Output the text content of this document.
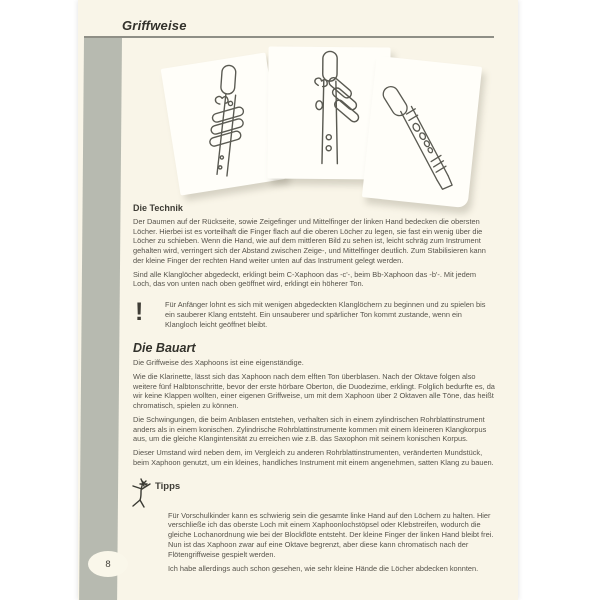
Griffweise
Die Technik

Der Daumen auf der Rückseite, sowie Zeigefinger und Mittelfinger der linken Hand bedecken die obersten Löcher. Hierbei ist es vorteilhaft die Finger flach auf die oberen Löcher zu legen, sie fast ein wenig über die Löcher zu schieben. Wenn die Hand, wie auf dem mittleren Bild zu sehen ist, leicht schräg zum Instrument gehalten wird, verringert sich der Abstand zwischen Zeige-, und Mittelfinger deutlich. Zum Stabilisieren kann der kleine Finger der rechten Hand weiter unten auf das Instrument gelegt werden.

Sind alle Klanglöcher abgedeckt, erklingt beim C-Xaphoon das -c'-, beim Bb-Xaphoon das -b'-. Mit jedem Loch, das von unten nach oben geöffnet wird, erklingt ein höherer Ton.

!	Für Anfänger lohnt es sich mit wenigen abgedeckten Klanglöchern zu beginnen und zu spielen bis ein sauberer Klang entsteht. Ein unsauberer und spärlicher Ton kommt zustande, wenn ein Klangloch leicht geöffnet bleibt.
Die Bauart

Die Griffweise des Xaphoons ist eine eigenständige.

Wie die Klarinette, lässt sich das Xaphoon nach dem elften Ton überblasen. Nach der Oktave folgen also weitere fünf Halbtonschritte, bevor der erste hörbare Oberton, die Duodezime, erklingt. Folglich bedurfte es, da wir keine Klappen wollten, einer eigenen Griffweise, um mit dem Xaphoon über 2 Oktaven alle Töne, das heißt chromatisch, spielen zu können.

Die Schwingungen, die beim Anblasen entstehen, verhalten sich in einem zylindrischen Rohrblattinstrument anders als in einem konischen. Zylindrische Rohrblattinstrumente kommen mit einem kleineren Klangkorpus aus, um die gleiche Klangintensität zu erreichen wie z.B. das Saxophon mit seinem konischen Korpus.

Dieser Umstand wird neben dem, im Vergleich zu anderen Rohrblattinstrumenten, veränderten Mundstück, beim Xaphoon genutzt, um ein kleines, handliches Instrument mit einem angenehmen, satten Klang zu bauen.

Tipps

Für Vorschulkinder kann es schwierig sein die gesamte linke Hand auf den Löchern zu halten. Hier verschließe ich das oberste Loch mit einem Xaphoonlochstöpsel oder Klebstreifen, wodurch die gleiche Lochanordnung wie bei der Blockflöte entsteht. Der kleine Finger der linken Hand bleibt frei. Nun ist das Xaphoon zwar auf eine Oktave begrenzt, aber diese kann chromatisch nach der Flötengriffweise gespielt werden.

Ich habe allerdings auch schon gesehen, wie sehr kleine Hände die Löcher abdecken konnten.

8
